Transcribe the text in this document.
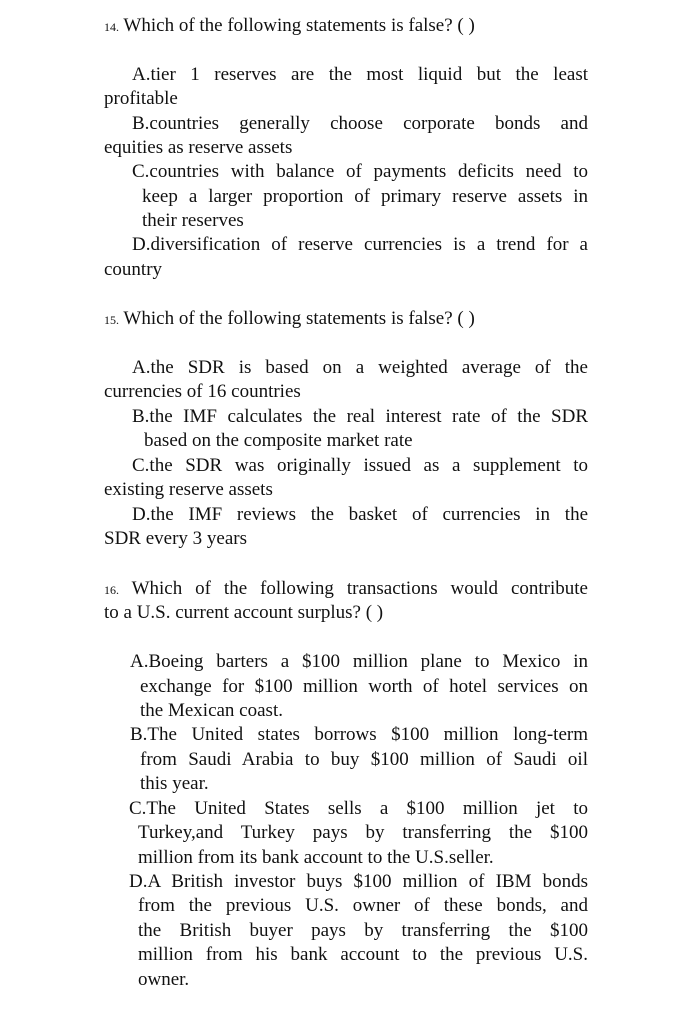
14. Which of the following statements is false? ( )
A.tier 1 reserves are the most liquid but the least
profitable
B.countries generally choose corporate bonds and
equities as reserve assets
C.countries with balance of payments deficits need to
keep a larger proportion of primary reserve assets in
their reserves
D.diversification of reserve currencies is a trend for a
country
15. Which of the following statements is false? ( )
A.the SDR is based on a weighted average of the
currencies of 16 countries
B.the IMF calculates the real interest rate of the SDR
based on the composite market rate
C.the SDR was originally issued as a supplement to
existing reserve assets
D.the IMF reviews the basket of currencies in the
SDR every 3 years
16. Which of the following transactions would contribute
to a U.S. current account surplus? ( )
A.Boeing barters a $100 million plane to Mexico in
exchange for $100 million worth of hotel services on
the Mexican coast.
B.The United states borrows $100 million long-term
from Saudi Arabia to buy $100 million of Saudi oil
this year.
C.The United States sells a $100 million jet to
Turkey,and Turkey pays by transferring the $100
million from its bank account to the U.S.seller.
D.A British investor buys $100 million of IBM bonds
from the previous U.S. owner of these bonds, and
the British buyer pays by transferring the $100
million from his bank account to the previous U.S.
owner.
